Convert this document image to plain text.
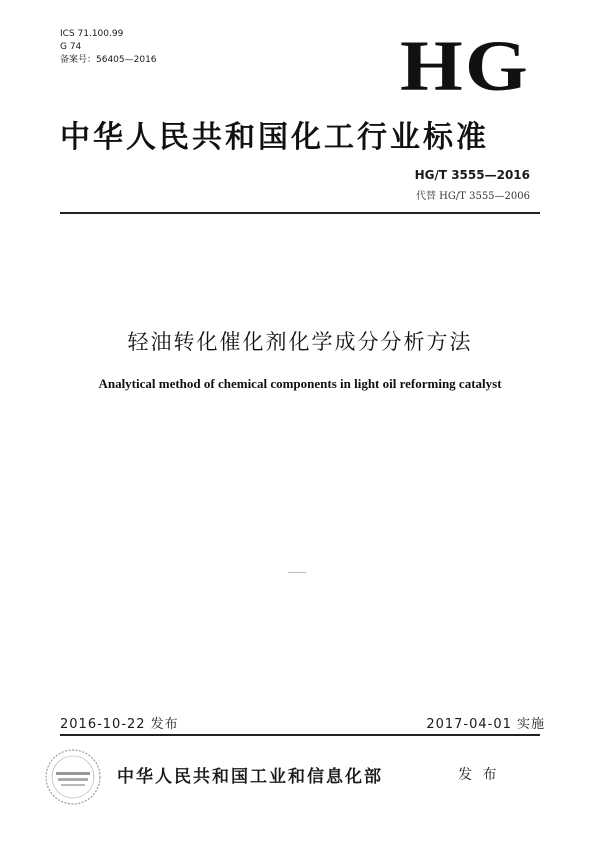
ICS 71.100.99
G 74
备案号：56405—2016	HG
中华人民共和国化工行业标准
HG/T 3555—2016
代替 HG/T 3555—2006
轻油转化催化剂化学成分分析方法
Analytical method of chemical components in light oil reforming catalyst
2016-10-22 发布	2017-04-01 实施
中华人民共和国工业和信息化部	发 布
